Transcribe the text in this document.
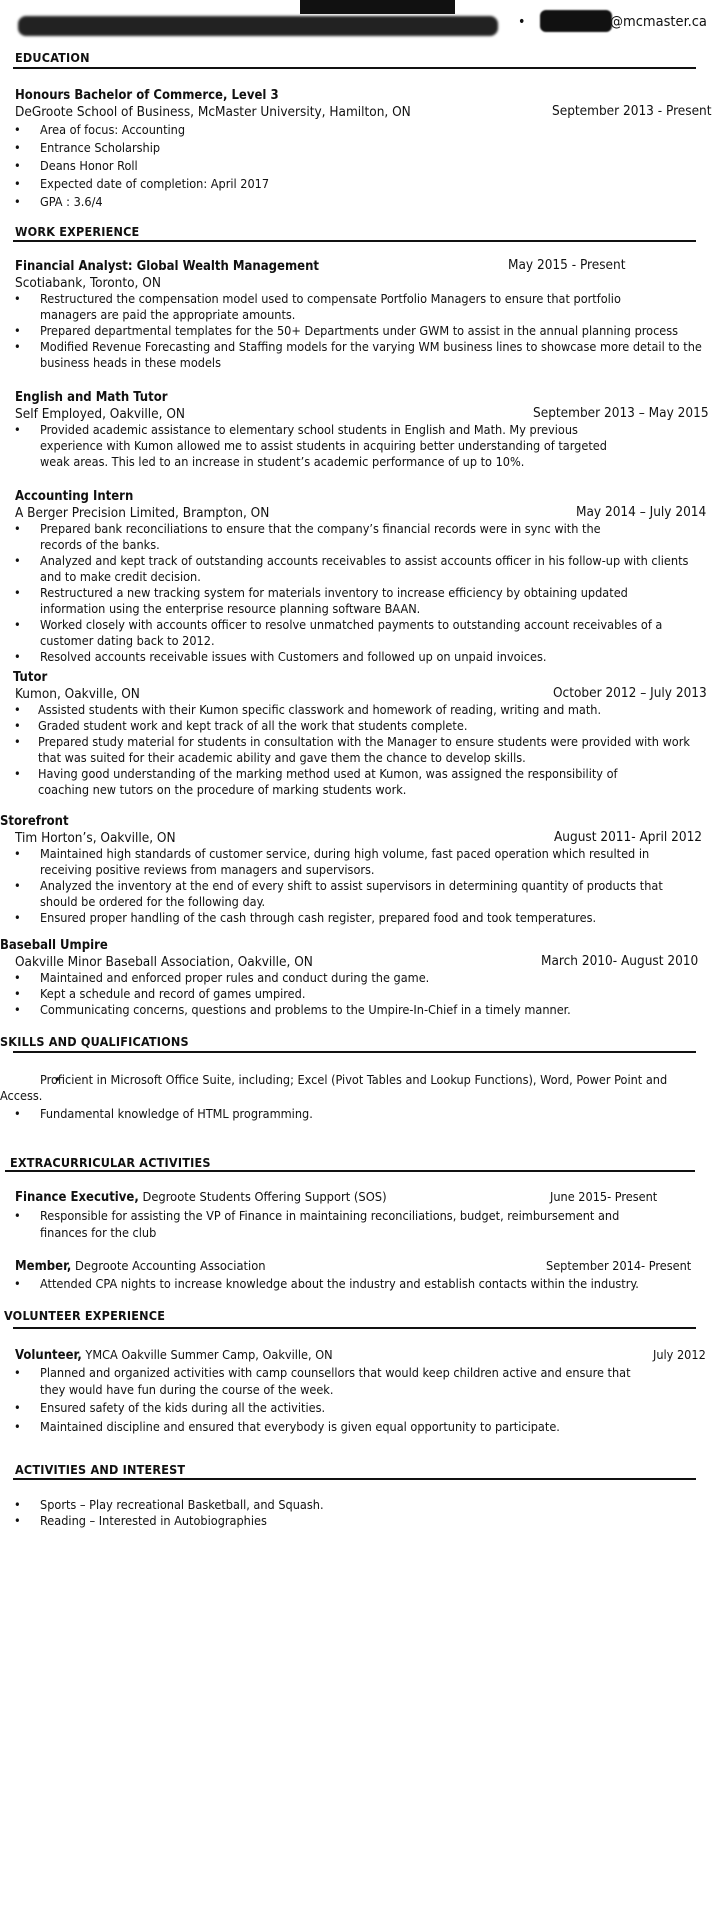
•	@mcmaster.ca
EDUCATION
Honours Bachelor of Commerce, Level 3
DeGroote School of Business, McMaster University, Hamilton, ON	September 2013 - Present
• Area of focus: Accounting
• Entrance Scholarship
• Deans Honor Roll
• Expected date of completion: April 2017
• GPA : 3.6/4
WORK EXPERIENCE
Financial Analyst: Global Wealth Management	May 2015 - Present
Scotiabank, Toronto, ON
• Restructured the compensation model used to compensate Portfolio Managers to ensure that portfolio managers are paid the appropriate amounts.
• Prepared departmental templates for the 50+ Departments under GWM to assist in the annual planning process
• Modified Revenue Forecasting and Staffing models for the varying WM business lines to showcase more detail to the business heads in these models
English and Math Tutor
Self Employed, Oakville, ON	September 2013 – May 2015
• Provided academic assistance to elementary school students in English and Math. My previous experience with Kumon allowed me to assist students in acquiring better understanding of targeted weak areas. This led to an increase in student’s academic performance of up to 10%.
Accounting Intern
A Berger Precision Limited, Brampton, ON	May 2014 – July 2014
• Prepared bank reconciliations to ensure that the company’s financial records were in sync with the records of the banks.
• Analyzed and kept track of outstanding accounts receivables to assist accounts officer in his follow-up with clients and to make credit decision.
• Restructured a new tracking system for materials inventory to increase efficiency by obtaining updated information using the enterprise resource planning software BAAN.
• Worked closely with accounts officer to resolve unmatched payments to outstanding account receivables of a customer dating back to 2012.
• Resolved accounts receivable issues with Customers and followed up on unpaid invoices.
Tutor
Kumon, Oakville, ON	October 2012 – July 2013
• Assisted students with their Kumon specific classwork and homework of reading, writing and math.
• Graded student work and kept track of all the work that students complete.
• Prepared study material for students in consultation with the Manager to ensure students were provided with work that was suited for their academic ability and gave them the chance to develop skills.
• Having good understanding of the marking method used at Kumon, was assigned the responsibility of coaching new tutors on the procedure of marking students work.
Storefront
Tim Horton’s, Oakville, ON	August 2011- April 2012
• Maintained high standards of customer service, during high volume, fast paced operation which resulted in receiving positive reviews from managers and supervisors.
• Analyzed the inventory at the end of every shift to assist supervisors in determining quantity of products that should be ordered for the following day.
• Ensured proper handling of the cash through cash register, prepared food and took temperatures.
Baseball Umpire
Oakville Minor Baseball Association, Oakville, ON	March 2010- August 2010
• Maintained and enforced proper rules and conduct during the game.
• Kept a schedule and record of games umpired.
• Communicating concerns, questions and problems to the Umpire-In-Chief in a timely manner.
SKILLS AND QUALIFICATIONS
• Proficient in Microsoft Office Suite, including; Excel (Pivot Tables and Lookup Functions), Word, Power Point and Access.
• Fundamental knowledge of HTML programming.
EXTRACURRICULAR ACTIVITIES
Finance Executive, Degroote Students Offering Support (SOS)	June 2015- Present
• Responsible for assisting the VP of Finance in maintaining reconciliations, budget, reimbursement and finances for the club
Member, Degroote Accounting Association	September 2014- Present
• Attended CPA nights to increase knowledge about the industry and establish contacts within the industry.
VOLUNTEER EXPERIENCE
Volunteer, YMCA Oakville Summer Camp, Oakville, ON	July 2012
• Planned and organized activities with camp counsellors that would keep children active and ensure that they would have fun during the course of the week.
• Ensured safety of the kids during all the activities.
• Maintained discipline and ensured that everybody is given equal opportunity to participate.
ACTIVITIES AND INTEREST
• Sports – Play recreational Basketball, and Squash.
• Reading – Interested in Autobiographies
